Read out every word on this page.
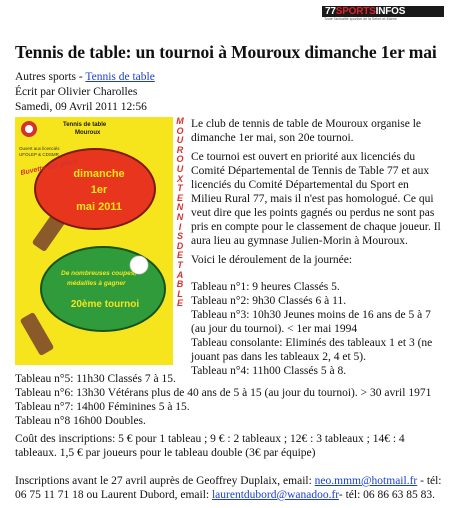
77SPORTSINFOS
Toute l'actualité sportive de la Seine-et-Marne
Tennis de table: un tournoi à Mouroux dimanche 1er mai
Autres sports - Tennis de table
Écrit par Olivier Charolles
Samedi, 09 Avril 2011 12:56
Tennis de table
Mouroux
Ouvert aux licenciés
UFOLEP & CDSMR
Buvette sur place
dimanche
1er
mai 2011
De nombreuses coupes,
médailles à gagner
20ème tournoi
M
O
U
R
O
U
X
T
E
N
N
I
S
D
E
T
A
B
L
E

Le club de tennis de table de Mouroux organise le dimanche 1er mai, son 20e tournoi.

Ce tournoi est ouvert en priorité aux licenciés du Comité Départemental de Tennis de Table 77 et aux licenciés du Comité Départemental du Sport en Milieu Rural 77, mais il n'est pas homologué. Ce qui veut dire que les points gagnés ou perdus ne sont pas pris en compte pour le classement de chaque joueur. Il aura lieu au gymnase Julien-Morin à Mouroux.

Voici le déroulement de la journée:

Tableau n°1: 9 heures Classés 5.

Tableau n°2: 9h30 Classés 6 à 11.

Tableau n°3: 10h30 Jeunes moins de 16 ans de 5 à 7 (au jour du tournoi). < 1er mai 1994

Tableau consolante: Eliminés des tableaux 1 et 3 (ne jouant pas dans les tableaux 2, 4 et 5).

Tableau n°4: 11h00 Classés 5 à 8.

Tableau n°5: 11h30 Classés 7 à 15.

Tableau n°6: 13h30 Vétérans plus de 40 ans de 5 à 15 (au jour du tournoi). > 30 avril 1971

Tableau n°7: 14h00 Féminines 5 à 15.

Tableau n°8 16h00 Doubles.

Coût des inscriptions: 5 € pour 1 tableau ; 9 € : 2 tableaux ; 12€ : 3 tableaux ; 14€ : 4 tableaux. 1,5 € par joueurs pour le tableau double (3€ par équipe)

Inscriptions avant le 27 avril auprès de Geoffrey Duplaix, email: neo.mmm@hotmail.fr - tél: 06 75 11 71 18 ou Laurent Dubord, email: laurentdubord@wanadoo.fr- tél: 06 86 63 85 83.
